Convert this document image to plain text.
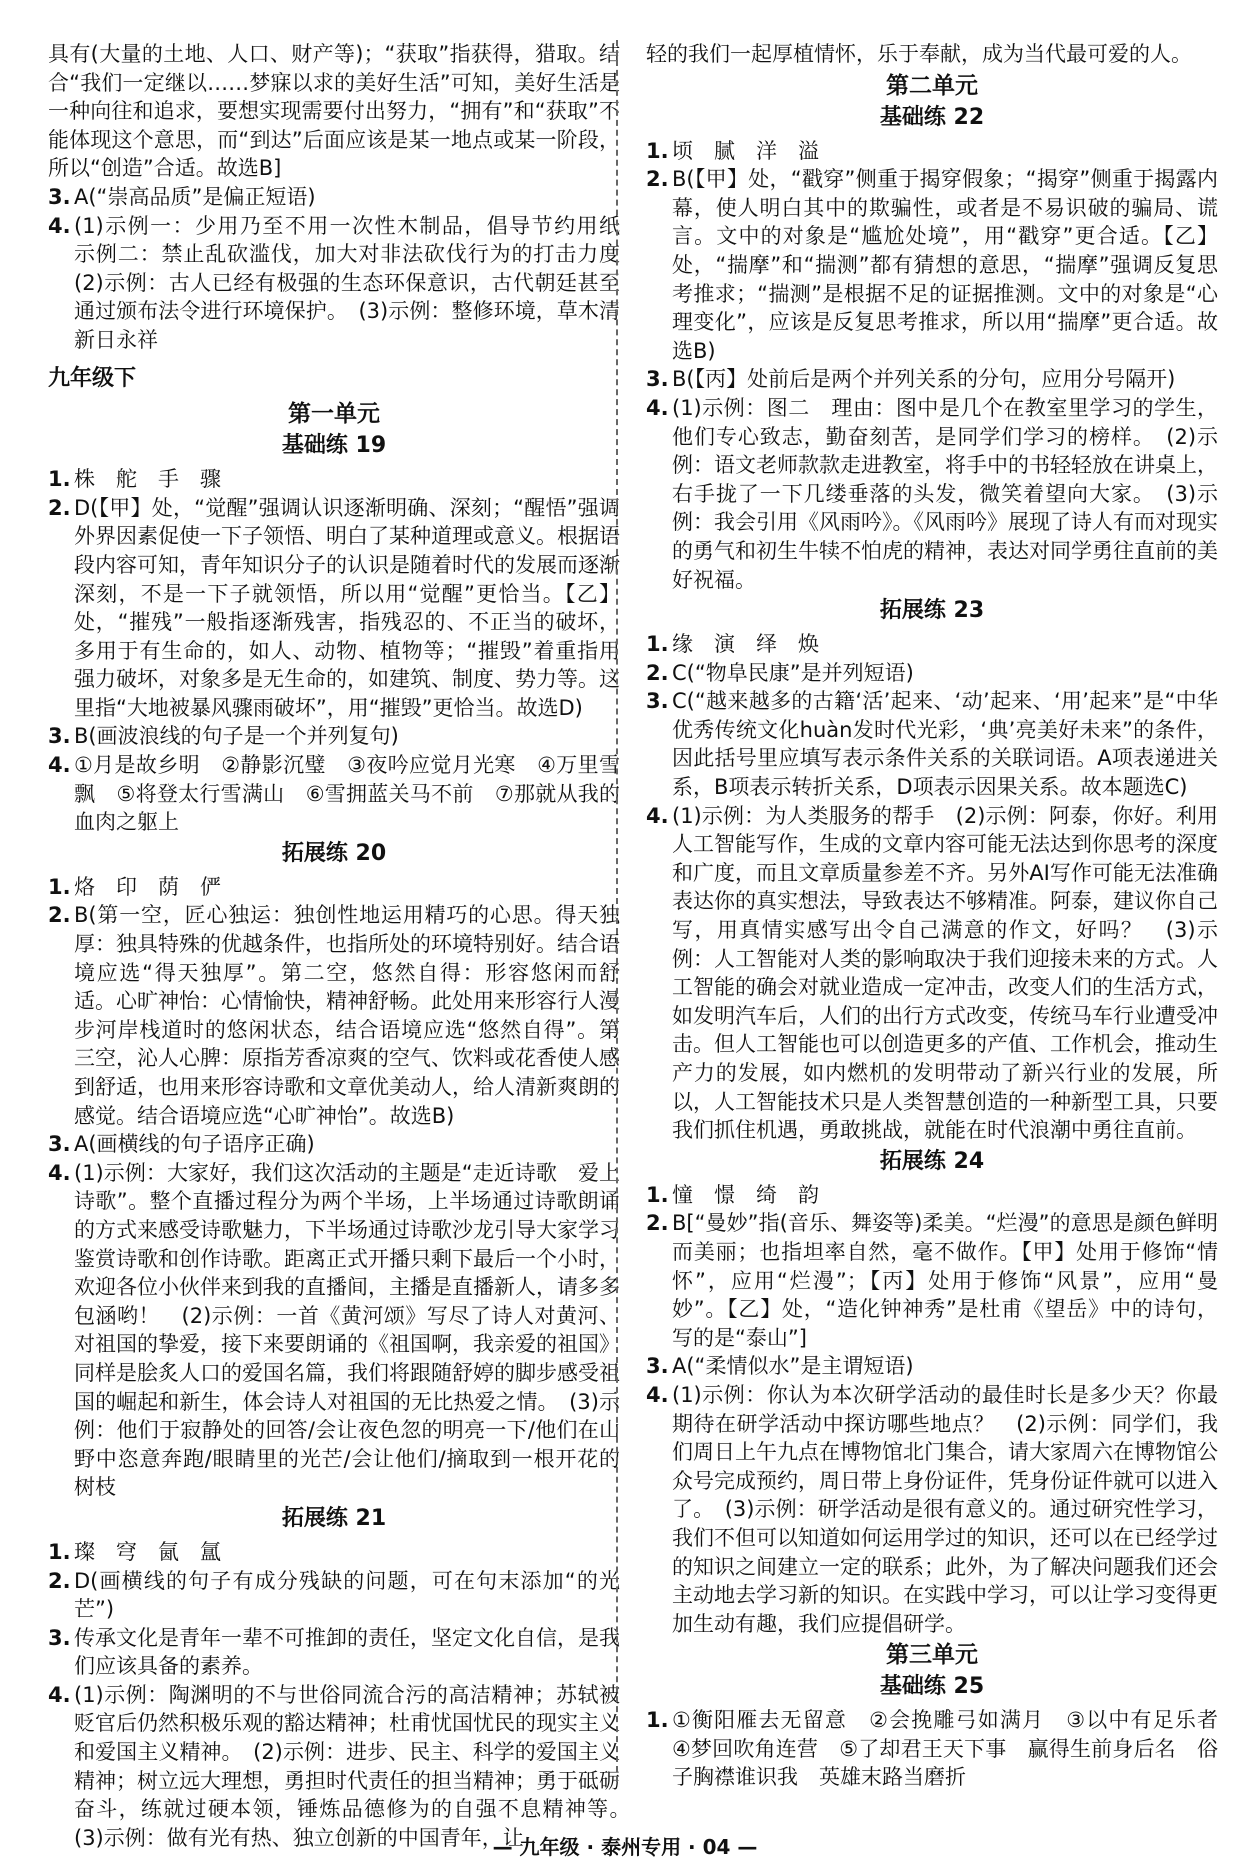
具有(大量的土地、人口、财产等)；“获取”指获得，猎取。结合“我们一定继以……梦寐以求的美好生活”可知，美好生活是一种向往和追求，要想实现需要付出努力，“拥有”和“获取”不能体现这个意思，而“到达”后面应该是某一地点或某一阶段，所以“创造”合适。故选B]

3. A(“崇高品质”是偏正短语)
4. (1)示例一：少用乃至不用一次性木制品，倡导节约用纸　示例二：禁止乱砍滥伐，加大对非法砍伐行为的打击力度　(2)示例：古人已经有极强的生态环保意识，古代朝廷甚至通过颁布法令进行环境保护。　(3)示例：整修环境，草木清新日永祥
九年级下
第一单元
基础练 19
1. 株　舵　手　骤
2. D(【甲】处，“觉醒”强调认识逐渐明确、深刻；“醒悟”强调外界因素促使一下子领悟、明白了某种道理或意义。根据语段内容可知，青年知识分子的认识是随着时代的发展而逐渐深刻，不是一下子就领悟，所以用“觉醒”更恰当。【乙】处，“摧残”一般指逐渐残害，指残忍的、不正当的破坏，多用于有生命的，如人、动物、植物等；“摧毁”着重指用强力破坏，对象多是无生命的，如建筑、制度、势力等。这里指“大地被暴风骤雨破坏”，用“摧毁”更恰当。故选D)
3. B(画波浪线的句子是一个并列复句)
4. ①月是故乡明　②静影沉璧　③夜吟应觉月光寒　④万里雪飘　⑤将登太行雪满山　⑥雪拥蓝关马不前　⑦那就从我的血肉之躯上
拓展练 20
1. 烙　印　荫　俨
2. B(第一空，匠心独运：独创性地运用精巧的心思。得天独厚：独具特殊的优越条件，也指所处的环境特别好。结合语境应选“得天独厚”。第二空，悠然自得：形容悠闲而舒适。心旷神怡：心情愉快，精神舒畅。此处用来形容行人漫步河岸栈道时的悠闲状态，结合语境应选“悠然自得”。第三空，沁人心脾：原指芳香凉爽的空气、饮料或花香使人感到舒适，也用来形容诗歌和文章优美动人，给人清新爽朗的感觉。结合语境应选“心旷神怡”。故选B)
3. A(画横线的句子语序正确)
4. (1)示例：大家好，我们这次活动的主题是“走近诗歌　爱上诗歌”。整个直播过程分为两个半场，上半场通过诗歌朗诵的方式来感受诗歌魅力，下半场通过诗歌沙龙引导大家学习鉴赏诗歌和创作诗歌。距离正式开播只剩下最后一个小时，欢迎各位小伙伴来到我的直播间，主播是直播新人，请多多包涵哟！　(2)示例：一首《黄河颂》写尽了诗人对黄河、对祖国的挚爱，接下来要朗诵的《祖国啊，我亲爱的祖国》同样是脍炙人口的爱国名篇，我们将跟随舒婷的脚步感受祖国的崛起和新生，体会诗人对祖国的无比热爱之情。　(3)示例：他们于寂静处的回答/会让夜色忽的明亮一下/他们在山野中恣意奔跑/眼睛里的光芒/会让他们/摘取到一根开花的树枝
拓展练 21
1. 璨　穹　氤　氲
2. D(画横线的句子有成分残缺的问题，可在句末添加“的光芒”)
3. 传承文化是青年一辈不可推卸的责任，坚定文化自信，是我们应该具备的素养。
4. (1)示例：陶渊明的不与世俗同流合污的高洁精神；苏轼被贬官后仍然积极乐观的豁达精神；杜甫忧国忧民的现实主义和爱国主义精神。　(2)示例：进步、民主、科学的爱国主义精神；树立远大理想，勇担时代责任的担当精神；勇于砥砺奋斗，练就过硬本领，锤炼品德修为的自强不息精神等。　(3)示例：做有光有热、独立创新的中国青年，让

轻的我们一起厚植情怀，乐于奉献，成为当代最可爱的人。

第二单元
基础练 22
1. 顷　腻　洋　溢
2. B(【甲】处，“戳穿”侧重于揭穿假象；“揭穿”侧重于揭露内幕，使人明白其中的欺骗性，或者是不易识破的骗局、谎言。文中的对象是“尴尬处境”，用“戳穿”更合适。【乙】处，“揣摩”和“揣测”都有猜想的意思，“揣摩”强调反复思考推求；“揣测”是根据不足的证据推测。文中的对象是“心理变化”，应该是反复思考推求，所以用“揣摩”更合适。故选B)
3. B(【丙】处前后是两个并列关系的分句，应用分号隔开)
4. (1)示例：图二　理由：图中是几个在教室里学习的学生，他们专心致志，勤奋刻苦，是同学们学习的榜样。　(2)示例：语文老师款款走进教室，将手中的书轻轻放在讲桌上，右手拢了一下几缕垂落的头发，微笑着望向大家。　(3)示例：我会引用《风雨吟》。《风雨吟》展现了诗人有而对现实的勇气和初生牛犊不怕虎的精神，表达对同学勇往直前的美好祝福。
拓展练 23
1. 缘　演　绎　焕
2. C(“物阜民康”是并列短语)
3. C(“越来越多的古籍‘活’起来、‘动’起来、‘用’起来”是“中华优秀传统文化huàn发时代光彩，‘典’亮美好未来”的条件，因此括号里应填写表示条件关系的关联词语。A项表递进关系，B项表示转折关系，D项表示因果关系。故本题选C)
4. (1)示例：为人类服务的帮手　(2)示例：阿泰，你好。利用人工智能写作，生成的文章内容可能无法达到你思考的深度和广度，而且文章质量参差不齐。另外AI写作可能无法准确表达你的真实想法，导致表达不够精准。阿泰，建议你自己写，用真情实感写出令自己满意的作文，好吗？　(3)示例：人工智能对人类的影响取决于我们迎接未来的方式。人工智能的确会对就业造成一定冲击，改变人们的生活方式，如发明汽车后，人们的出行方式改变，传统马车行业遭受冲击。但人工智能也可以创造更多的产值、工作机会，推动生产力的发展，如内燃机的发明带动了新兴行业的发展，所以，人工智能技术只是人类智慧创造的一种新型工具，只要我们抓住机遇，勇敢挑战，就能在时代浪潮中勇往直前。
拓展练 24
1. 憧　憬　绮　韵
2. B[“曼妙”指(音乐、舞姿等)柔美。“烂漫”的意思是颜色鲜明而美丽；也指坦率自然，毫不做作。【甲】处用于修饰“情怀”，应用“烂漫”；【丙】处用于修饰“风景”，应用“曼妙”。【乙】处，“造化钟神秀”是杜甫《望岳》中的诗句，写的是“泰山”]
3. A(“柔情似水”是主谓短语)
4. (1)示例：你认为本次研学活动的最佳时长是多少天？你最期待在研学活动中探访哪些地点？　(2)示例：同学们，我们周日上午九点在博物馆北门集合，请大家周六在博物馆公众号完成预约，周日带上身份证件，凭身份证件就可以进入了。　(3)示例：研学活动是很有意义的。通过研究性学习，我们不但可以知道如何运用学过的知识，还可以在已经学过的知识之间建立一定的联系；此外，为了解决问题我们还会主动地去学习新的知识。在实践中学习，可以让学习变得更加生动有趣，我们应提倡研学。
第三单元
基础练 25
1. ①衡阳雁去无留意　②会挽雕弓如满月　③以中有足乐者　④梦回吹角连营　⑤了却君王天下事　赢得生前身后名　俗子胸襟谁识我　英雄末路当磨折
— 九年级 · 泰州专用 · 04 —
